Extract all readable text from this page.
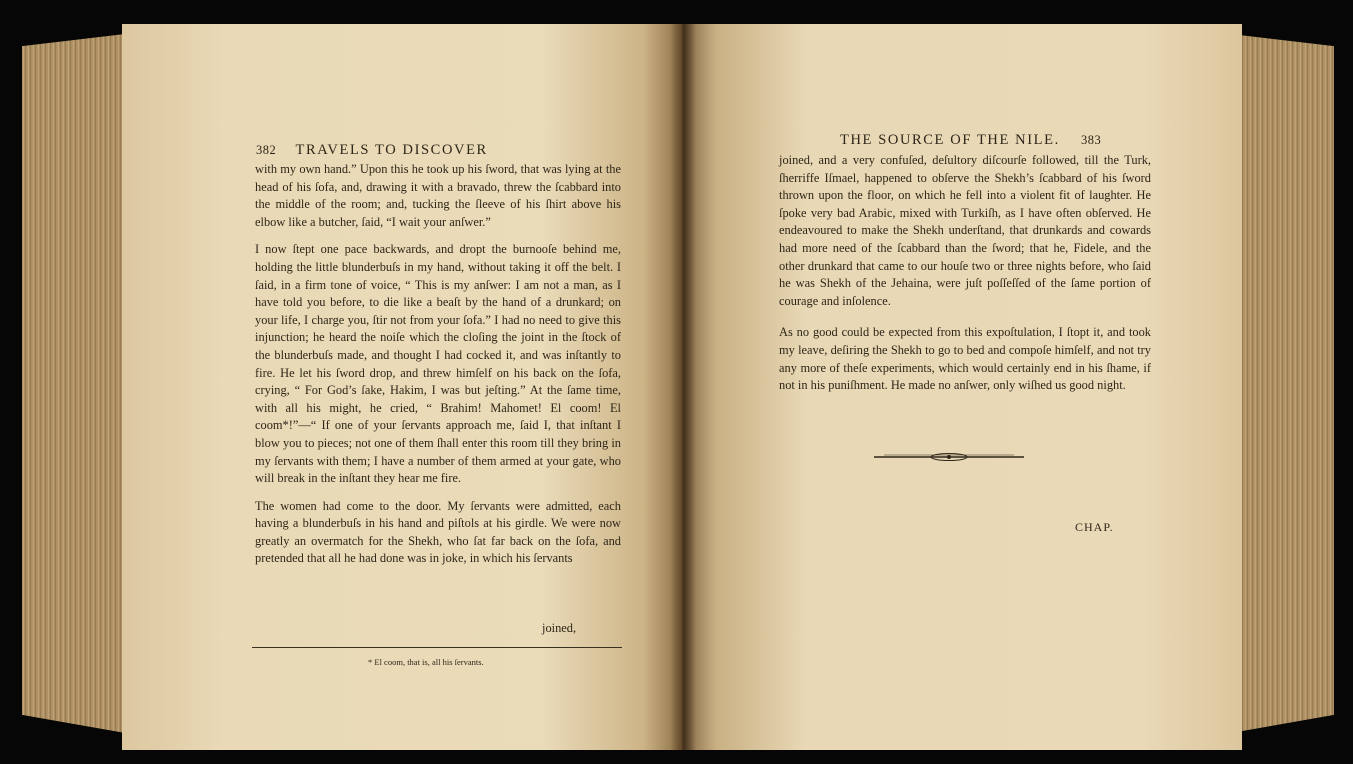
382 TRAVELS TO DISCOVER

with my own hand.” Upon this he took up his ſword, that was lying at the head of his ſofa, and, drawing it with a bravado, threw the ſcabbard into the middle of the room; and, tucking the ſleeve of his ſhirt above his elbow like a butcher, ſaid, “I wait your anſwer.”

I now ſtept one pace backwards, and dropt the burnooſe behind me, holding the little blunderbuſs in my hand, without taking it off the belt. I ſaid, in a firm tone of voice, “ This is my anſwer: I am not a man, as I have told you before, to die like a beaſt by the hand of a drunkard; on your life, I charge you, ſtir not from your ſofa.” I had no need to give this injunction; he heard the noiſe which the cloſing the joint in the ſtock of the blunderbuſs made, and thought I had cocked it, and was inſtantly to fire. He let his ſword drop, and threw himſelf on his back on the ſofa, crying, “ For God’s ſake, Hakim, I was but jeſting.” At the ſame time, with all his might, he cried, “ Brahim! Mahomet! El coom! El coom*!”—“ If one of your ſervants approach me, ſaid I, that inſtant I blow you to pieces; not one of them ſhall enter this room till they bring in my ſervants with them; I have a number of them armed at your gate, who will break in the inſtant they hear me fire.

The women had come to the door. My ſervants were admitted, each having a blunderbuſs in his hand and piſtols at his girdle. We were now greatly an overmatch for the Shekh, who ſat far back on the ſofa, and pretended that all he had done was in joke, in which his ſervants

joined,
* El coom, that is, all his ſervants.
THE SOURCE OF THE NILE. 383

joined, and a very confuſed, deſultory diſcourſe followed, till the Turk, ſherriffe Iſmael, happened to obſerve the Shekh’s ſcabbard of his ſword thrown upon the floor, on which he fell into a violent fit of laughter. He ſpoke very bad Arabic, mixed with Turkiſh, as I have often obſerved. He endeavoured to make the Shekh underſtand, that drunkards and cowards had more need of the ſcabbard than the ſword; that he, Fidele, and the other drunkard that came to our houſe two or three nights before, who ſaid he was Shekh of the Jehaina, were juſt poſſeſſed of the ſame portion of courage and inſolence.

As no good could be expected from this expoſtulation, I ſtopt it, and took my leave, deſiring the Shekh to go to bed and compoſe himſelf, and not try any more of theſe experiments, which would certainly end in his ſhame, if not in his puniſhment. He made no anſwer, only wiſhed us good night.

CHAP.
